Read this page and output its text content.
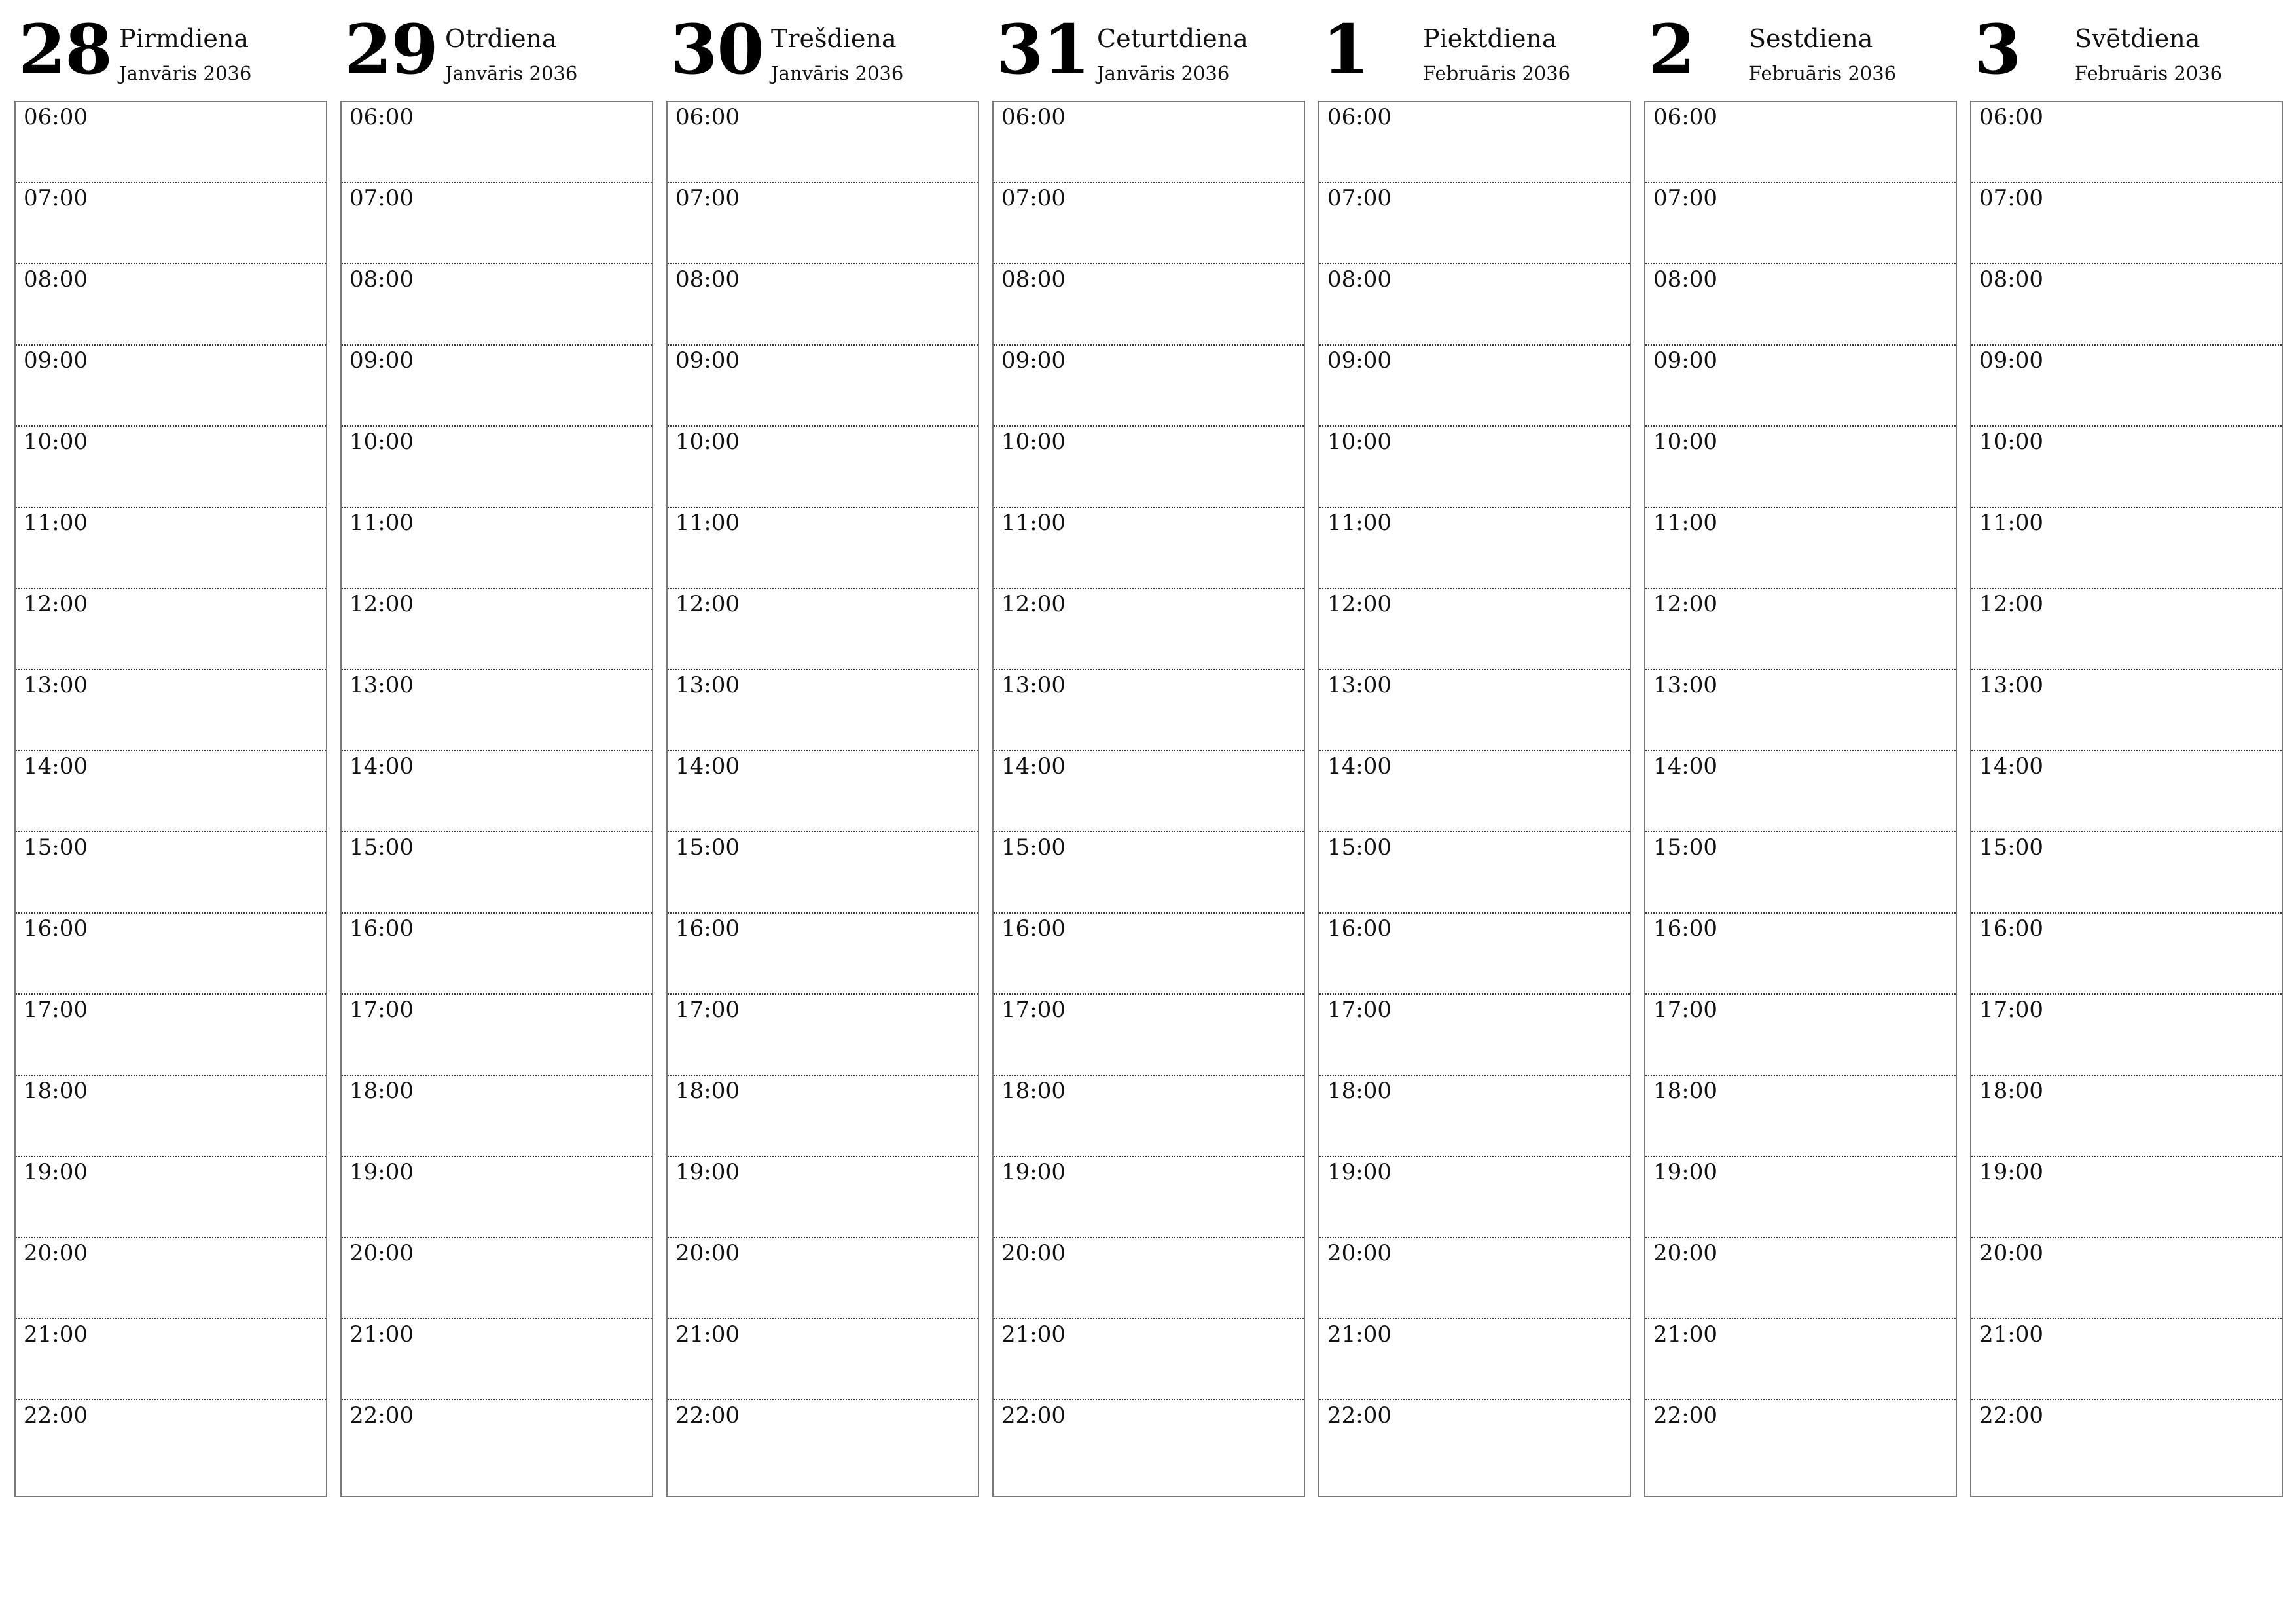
28 Pirmdiena
Janvāris 2036
06:00
07:00
08:00
09:00
10:00
11:00
12:00
13:00
14:00
15:00
16:00
17:00
18:00
19:00
20:00
21:00
22:00
29 Otrdiena
Janvāris 2036
06:00
07:00
08:00
09:00
10:00
11:00
12:00
13:00
14:00
15:00
16:00
17:00
18:00
19:00
20:00
21:00
22:00
30 Trešdiena
Janvāris 2036
06:00
07:00
08:00
09:00
10:00
11:00
12:00
13:00
14:00
15:00
16:00
17:00
18:00
19:00
20:00
21:00
22:00
31 Ceturtdiena
Janvāris 2036
06:00
07:00
08:00
09:00
10:00
11:00
12:00
13:00
14:00
15:00
16:00
17:00
18:00
19:00
20:00
21:00
22:00
1 Piektdiena
Februāris 2036
06:00
07:00
08:00
09:00
10:00
11:00
12:00
13:00
14:00
15:00
16:00
17:00
18:00
19:00
20:00
21:00
22:00
2 Sestdiena
Februāris 2036
06:00
07:00
08:00
09:00
10:00
11:00
12:00
13:00
14:00
15:00
16:00
17:00
18:00
19:00
20:00
21:00
22:00
3 Svētdiena
Februāris 2036
06:00
07:00
08:00
09:00
10:00
11:00
12:00
13:00
14:00
15:00
16:00
17:00
18:00
19:00
20:00
21:00
22:00
